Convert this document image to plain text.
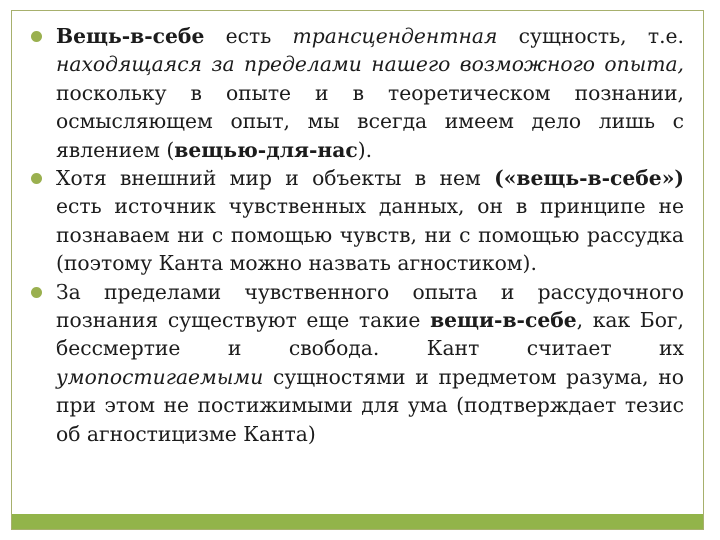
Вещь-в-себе есть трансцендентная сущность, т.е. находящаяся за пределами нашего возможного опыта, поскольку в опыте и в теоретическом познании, осмысляющем опыт, мы всегда имеем дело лишь с явлением (вещью-для-нас).
Хотя внешний мир и объекты в нем («вещь-в-себе») есть источник чувственных данных, он в принципе не познаваем ни с помощью чувств, ни с помощью рассудка (поэтому Канта можно назвать агностиком).
За пределами чувственного опыта и рассудочного познания существуют еще такие вещи-в-себе, как Бог, бессмертие и свобода. Кант считает их умопостигаемыми сущностями и предметом разума, но при этом не постижимыми для ума (подтверждает тезис об агностицизме Канта)
